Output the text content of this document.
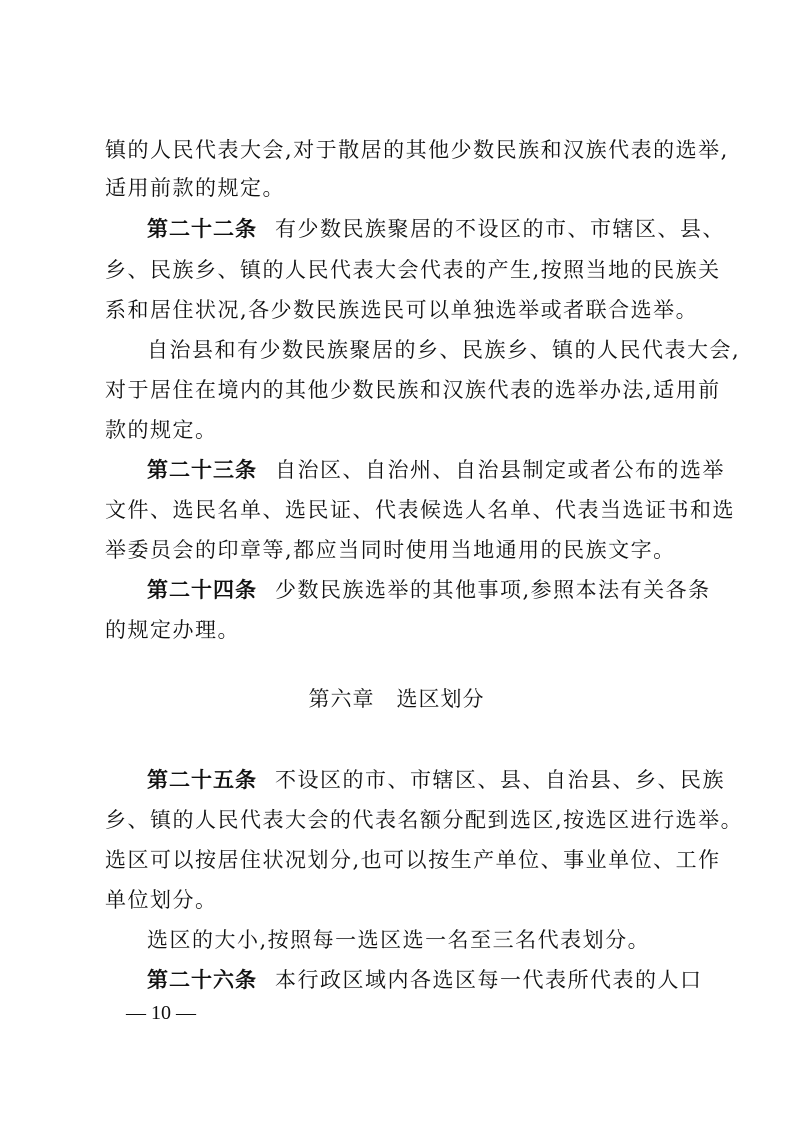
镇的人民代表大会,对于散居的其他少数民族和汉族代表的选举,
适用前款的规定。
第二十二条 有少数民族聚居的不设区的市、市辖区、县、
乡、民族乡、镇的人民代表大会代表的产生,按照当地的民族关
系和居住状况,各少数民族选民可以单独选举或者联合选举。
自治县和有少数民族聚居的乡、民族乡、镇的人民代表大会,
对于居住在境内的其他少数民族和汉族代表的选举办法,适用前
款的规定。
第二十三条 自治区、自治州、自治县制定或者公布的选举
文件、选民名单、选民证、代表候选人名单、代表当选证书和选
举委员会的印章等,都应当同时使用当地通用的民族文字。
第二十四条 少数民族选举的其他事项,参照本法有关各条
的规定办理。
第六章　选区划分
第二十五条 不设区的市、市辖区、县、自治县、乡、民族
乡、镇的人民代表大会的代表名额分配到选区,按选区进行选举。
选区可以按居住状况划分,也可以按生产单位、事业单位、工作
单位划分。
选区的大小,按照每一选区选一名至三名代表划分。
第二十六条 本行政区域内各选区每一代表所代表的人口
— 10 —
